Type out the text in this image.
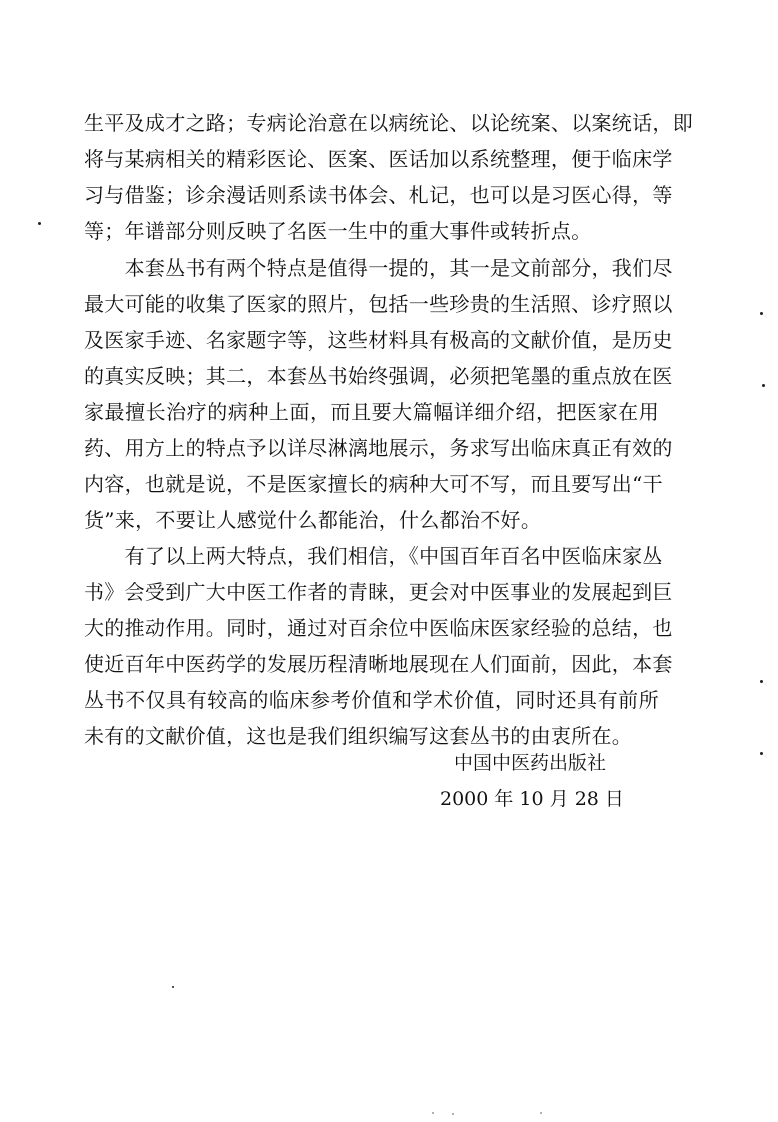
生平及成才之路；专病论治意在以病统论、以论统案、以案统话，即
将与某病相关的精彩医论、医案、医话加以系统整理，便于临床学
习与借鉴；诊余漫话则系读书体会、札记，也可以是习医心得，等
等；年谱部分则反映了名医一生中的重大事件或转折点。
　　本套丛书有两个特点是值得一提的，其一是文前部分，我们尽
最大可能的收集了医家的照片，包括一些珍贵的生活照、诊疗照以
及医家手迹、名家题字等，这些材料具有极高的文献价值，是历史
的真实反映；其二，本套丛书始终强调，必须把笔墨的重点放在医
家最擅长治疗的病种上面，而且要大篇幅详细介绍，把医家在用
药、用方上的特点予以详尽淋漓地展示，务求写出临床真正有效的
内容，也就是说，不是医家擅长的病种大可不写，而且要写出“干
货”来，不要让人感觉什么都能治，什么都治不好。
　　有了以上两大特点，我们相信，《中国百年百名中医临床家丛
书》会受到广大中医工作者的青睐，更会对中医事业的发展起到巨
大的推动作用。同时，通过对百余位中医临床医家经验的总结，也
使近百年中医药学的发展历程清晰地展现在人们面前，因此，本套
丛书不仅具有较高的临床参考价值和学术价值，同时还具有前所
未有的文献价值，这也是我们组织编写这套丛书的由衷所在。
中国中医药出版社
2000 年 10 月 28 日
